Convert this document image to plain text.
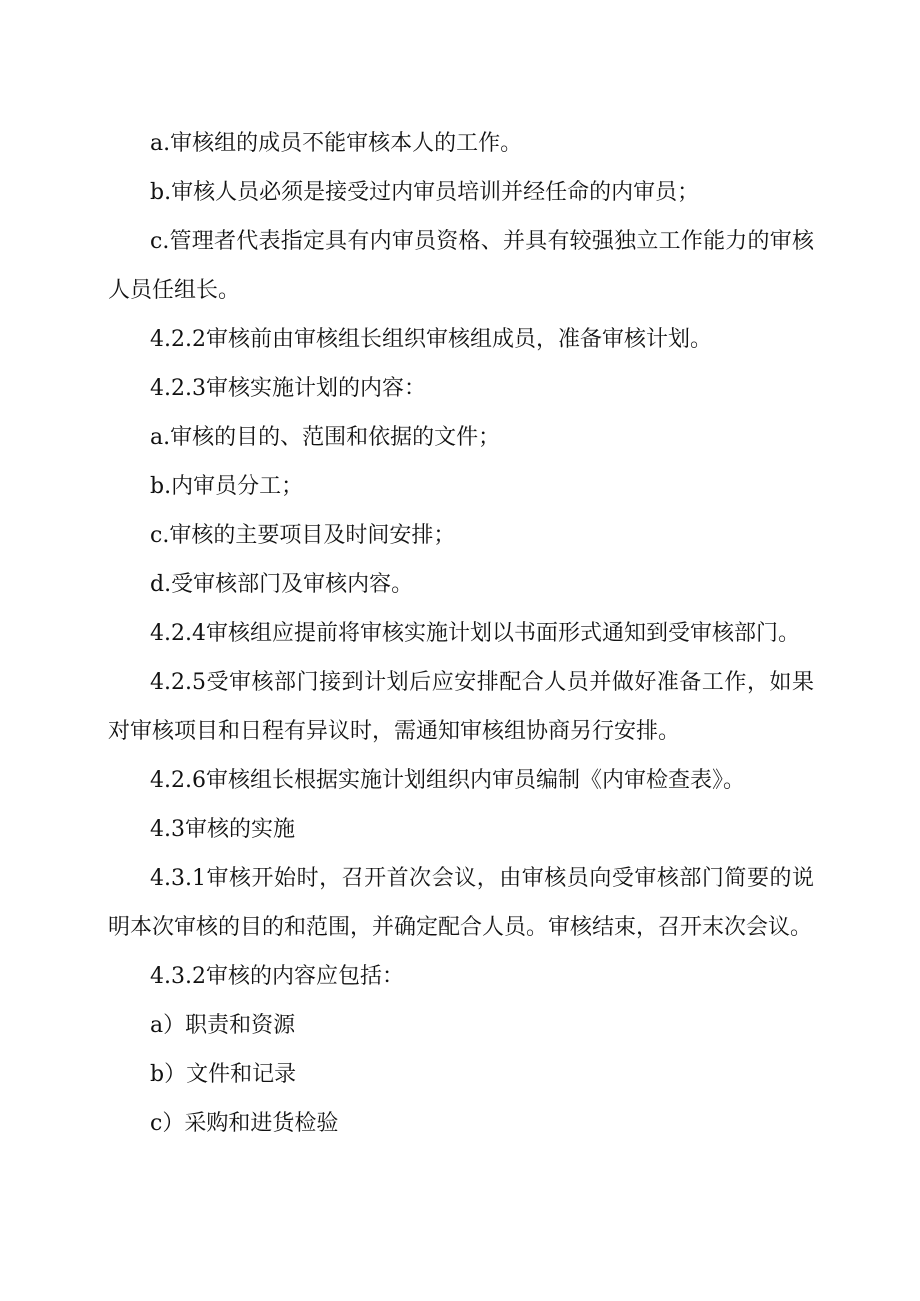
a.审核组的成员不能审核本人的工作。

b.审核人员必须是接受过内审员培训并经任命的内审员；

c.管理者代表指定具有内审员资格、并具有较强独立工作能力的审核人员任组长。

4.2.2审核前由审核组长组织审核组成员，准备审核计划。

4.2.3审核实施计划的内容：

a.审核的目的、范围和依据的文件；

b.内审员分工；

c.审核的主要项目及时间安排；

d.受审核部门及审核内容。

4.2.4审核组应提前将审核实施计划以书面形式通知到受审核部门。

4.2.5受审核部门接到计划后应安排配合人员并做好准备工作，如果对审核项目和日程有异议时，需通知审核组协商另行安排。

4.2.6审核组长根据实施计划组织内审员编制《内审检查表》。

4.3审核的实施

4.3.1审核开始时，召开首次会议，由审核员向受审核部门简要的说明本次审核的目的和范围，并确定配合人员。审核结束，召开末次会议。

4.3.2审核的内容应包括：

a）职责和资源

b）文件和记录

c）采购和进货检验
